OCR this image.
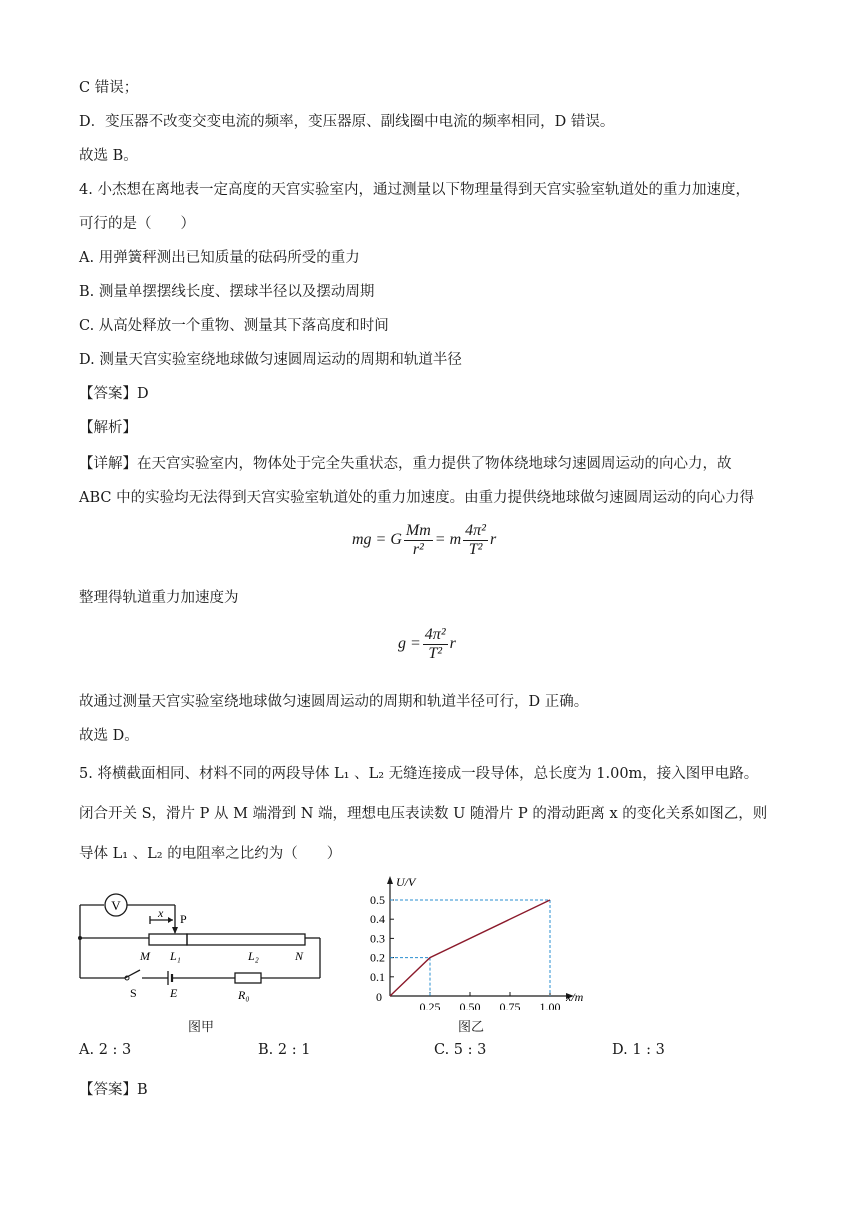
C 错误；
D．变压器不改变交变电流的频率，变压器原、副线圈中电流的频率相同，D 错误。
故选 B。
4. 小杰想在离地表一定高度的天宫实验室内，通过测量以下物理量得到天宫实验室轨道处的重力加速度，
可行的是（　　）
A. 用弹簧秤测出已知质量的砝码所受的重力
B. 测量单摆摆线长度、摆球半径以及摆动周期
C. 从高处释放一个重物、测量其下落高度和时间
D. 测量天宫实验室绕地球做匀速圆周运动的周期和轨道半径
【答案】D
【解析】
【详解】在天宫实验室内，物体处于完全失重状态，重力提供了物体绕地球匀速圆周运动的向心力，故
ABC 中的实验均无法得到天宫实验室轨道处的重力加速度。由重力提供绕地球做匀速圆周运动的向心力得
mg = G $\frac{Mm}{\text{r²}} = m \frac{\text{4π²}}{\text{T²}}$ r
整理得轨道重力加速度为
$g = \frac{\text{4π²}}{\text{T²}}$ r
故通过测量天宫实验室绕地球做匀速圆周运动的周期和轨道半径可行，D 正确。
故选 D。
5. 将横截面相同、材料不同的两段导体 L₁ 、L₂ 无缝连接成一段导体，总长度为 1.00m，接入图甲电路。
闭合开关 S，滑片 P 从 M 端滑到 N 端，理想电压表读数 U 随滑片 P 的滑动距离 x 的变化关系如图乙，则
导体 L₁ 、L₂ 的电阻率之比约为（　　）
V	x P
M L₁	L₂	N
S	E	R₀
图甲
U/V
x/m
0
0.25 0.50 0.75 1.00
0.1
0.2
0.3
0.4
0.5
图乙
A. 2 : 3	B. 2 : 1	C. 5 : 3	D. 1 : 3
【答案】B
